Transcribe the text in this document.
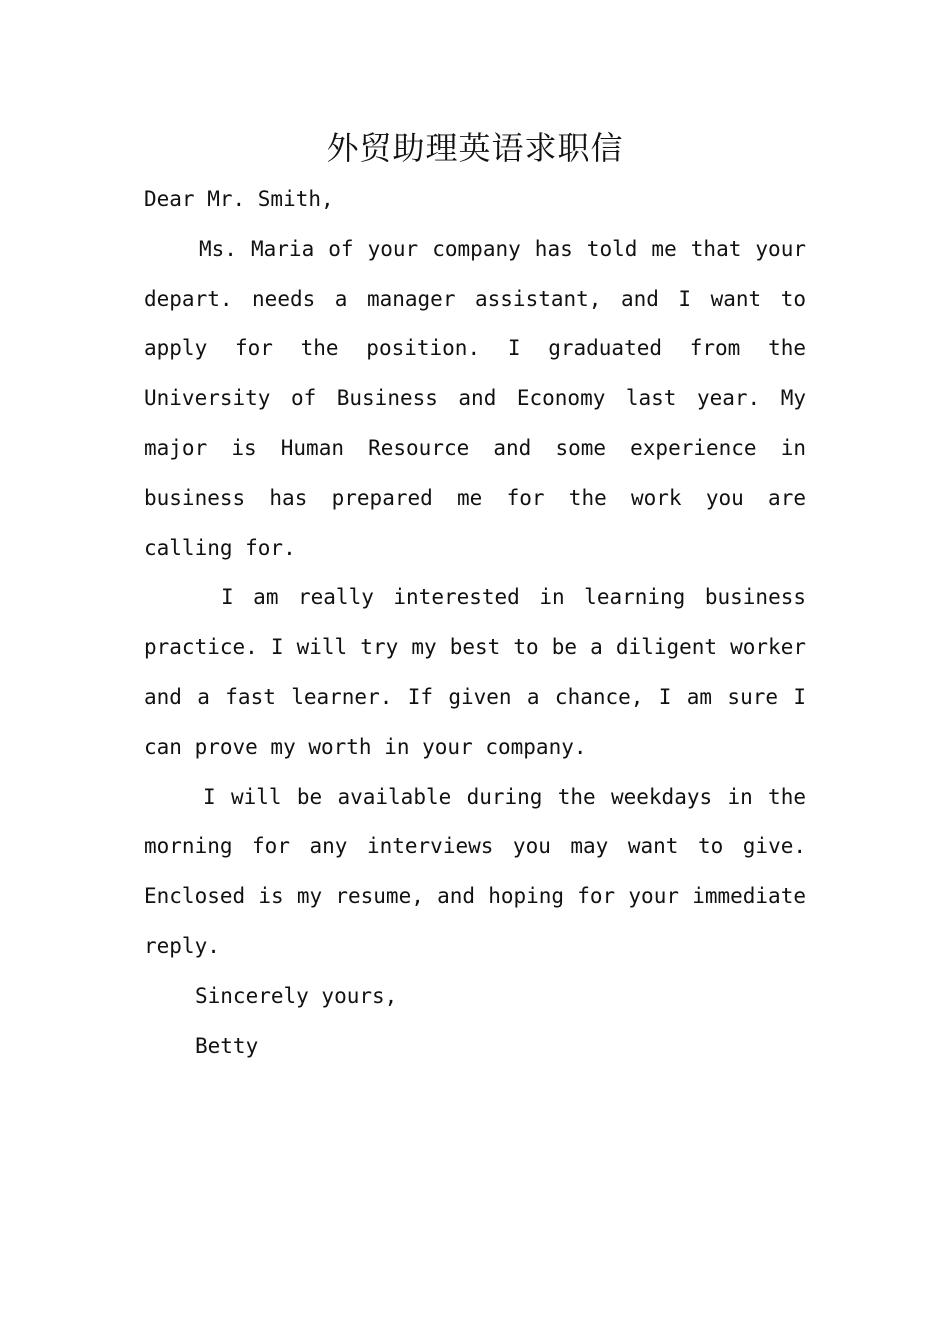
外贸助理英语求职信

Dear Mr. Smith,

Ms. Maria of your company has told me that your depart. needs a manager assistant, and I want to apply for the position. I graduated from the University of Business and Economy last year. My major is Human Resource and some experience in business has prepared me for the work you are calling for.

I am really interested in learning business practice. I will try my best to be a diligent worker and a fast learner. If given a chance, I am sure I can prove my worth in your company.

I will be available during the weekdays in the morning for any interviews you may want to give. Enclosed is my resume, and hoping for your immediate reply.

Sincerely yours,

Betty
